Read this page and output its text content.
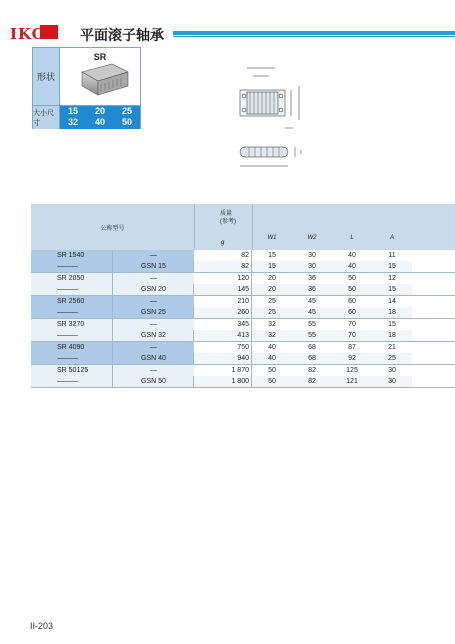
IKO 平面滚子轴承
形状
SR
大小尺寸
15	20	25
32	40	50
公称型号
质量
(参考)
g
W1	W2	L	A
SR 1540	—	82	15	30	40	11
———	GSN 15	82	15	30	40	15
SR 2050	—	120	20	36	50	12
———	GSN 20	145	20	36	50	15
SR 2560	—	210	25	45	60	14
———	GSN 25	260	25	45	60	18
SR 3270	—	345	32	55	70	15
———	GSN 32	413	32	55	70	18
SR 4090	—	750	40	68	87	21
———	GSN 40	940	40	68	92	25
SR 50125	—	1 870	50	82	125	30
———	GSN 50	1 800	50	82	121	30
II-203
